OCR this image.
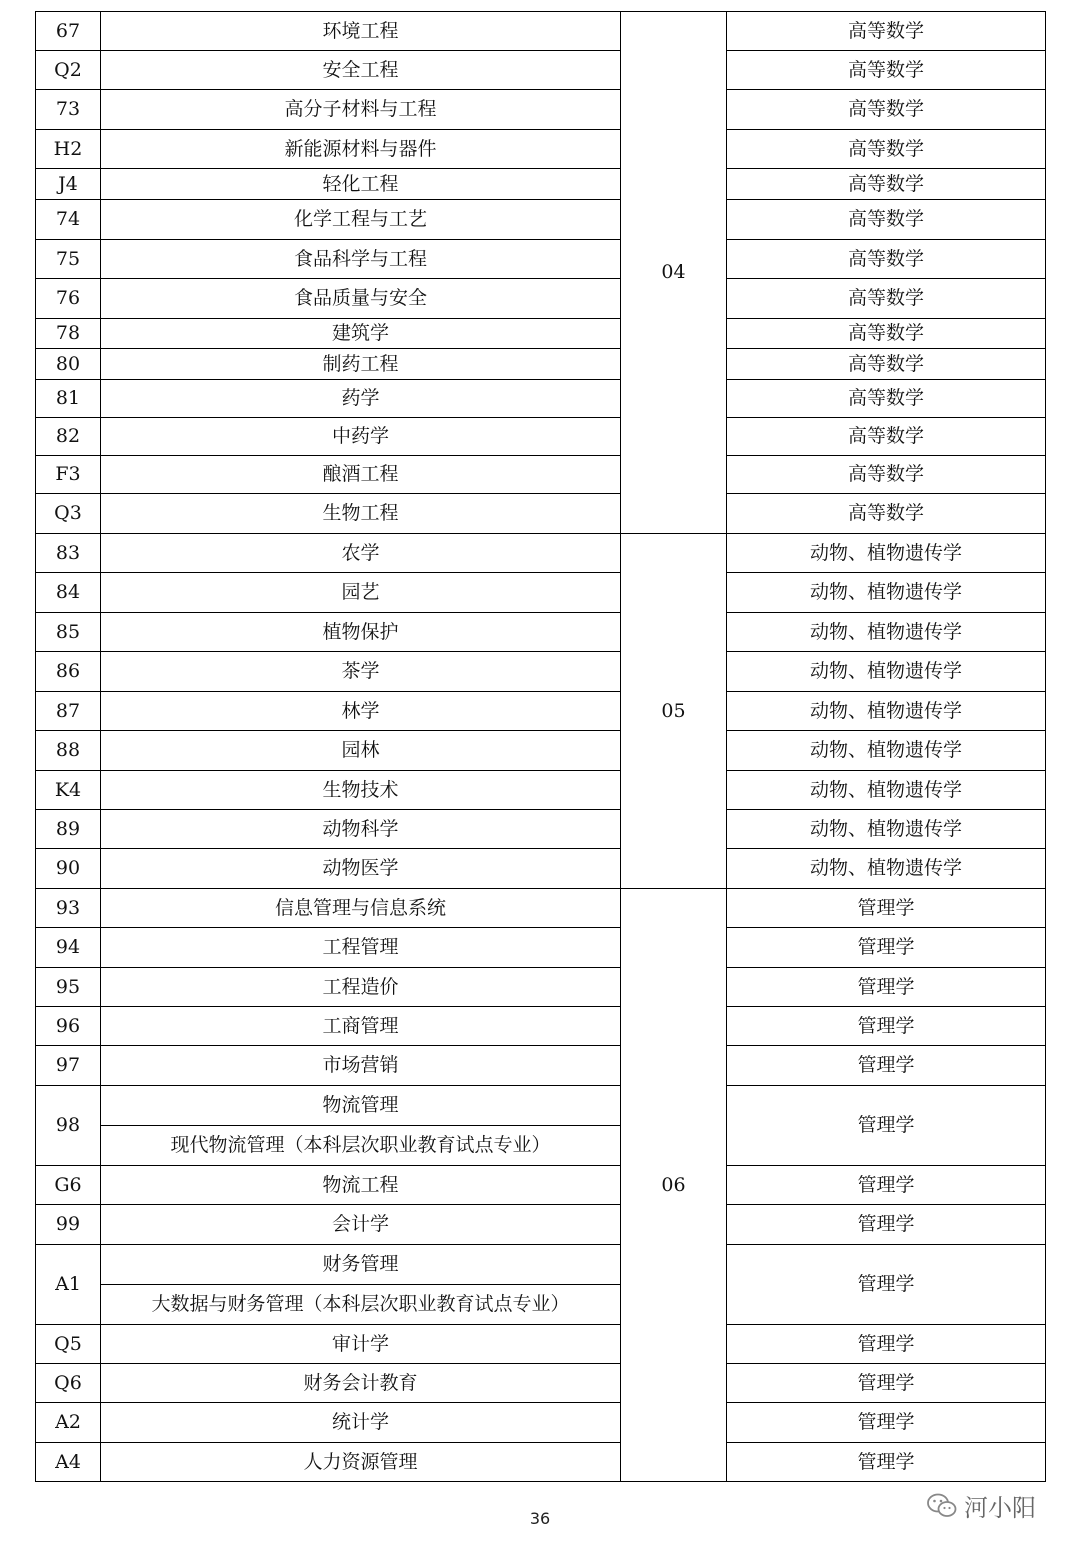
67	环境工程	04	高等数学
Q2	安全工程		高等数学
73	高分子材料与工程		高等数学
H2	新能源材料与器件		高等数学
J4	轻化工程		高等数学
74	化学工程与工艺		高等数学
75	食品科学与工程		高等数学
76	食品质量与安全		高等数学
78	建筑学		高等数学
80	制药工程		高等数学
81	药学		高等数学
82	中药学		高等数学
F3	酿酒工程		高等数学
Q3	生物工程		高等数学
83	农学	05	动物、植物遗传学
84	园艺		动物、植物遗传学
85	植物保护		动物、植物遗传学
86	茶学		动物、植物遗传学
87	林学		动物、植物遗传学
88	园林		动物、植物遗传学
K4	生物技术		动物、植物遗传学
89	动物科学		动物、植物遗传学
90	动物医学		动物、植物遗传学
93	信息管理与信息系统	06	管理学
94	工程管理		管理学
95	工程造价		管理学
96	工商管理		管理学
97	市场营销		管理学
98	物流管理		管理学
	现代物流管理（本科层次职业教育试点专业）		
G6	物流工程		管理学
99	会计学		管理学
A1	财务管理		管理学
	大数据与财务管理（本科层次职业教育试点专业）		
Q5	审计学		管理学
Q6	财务会计教育		管理学
A2	统计学		管理学
A4	人力资源管理		管理学
36	河小阳
